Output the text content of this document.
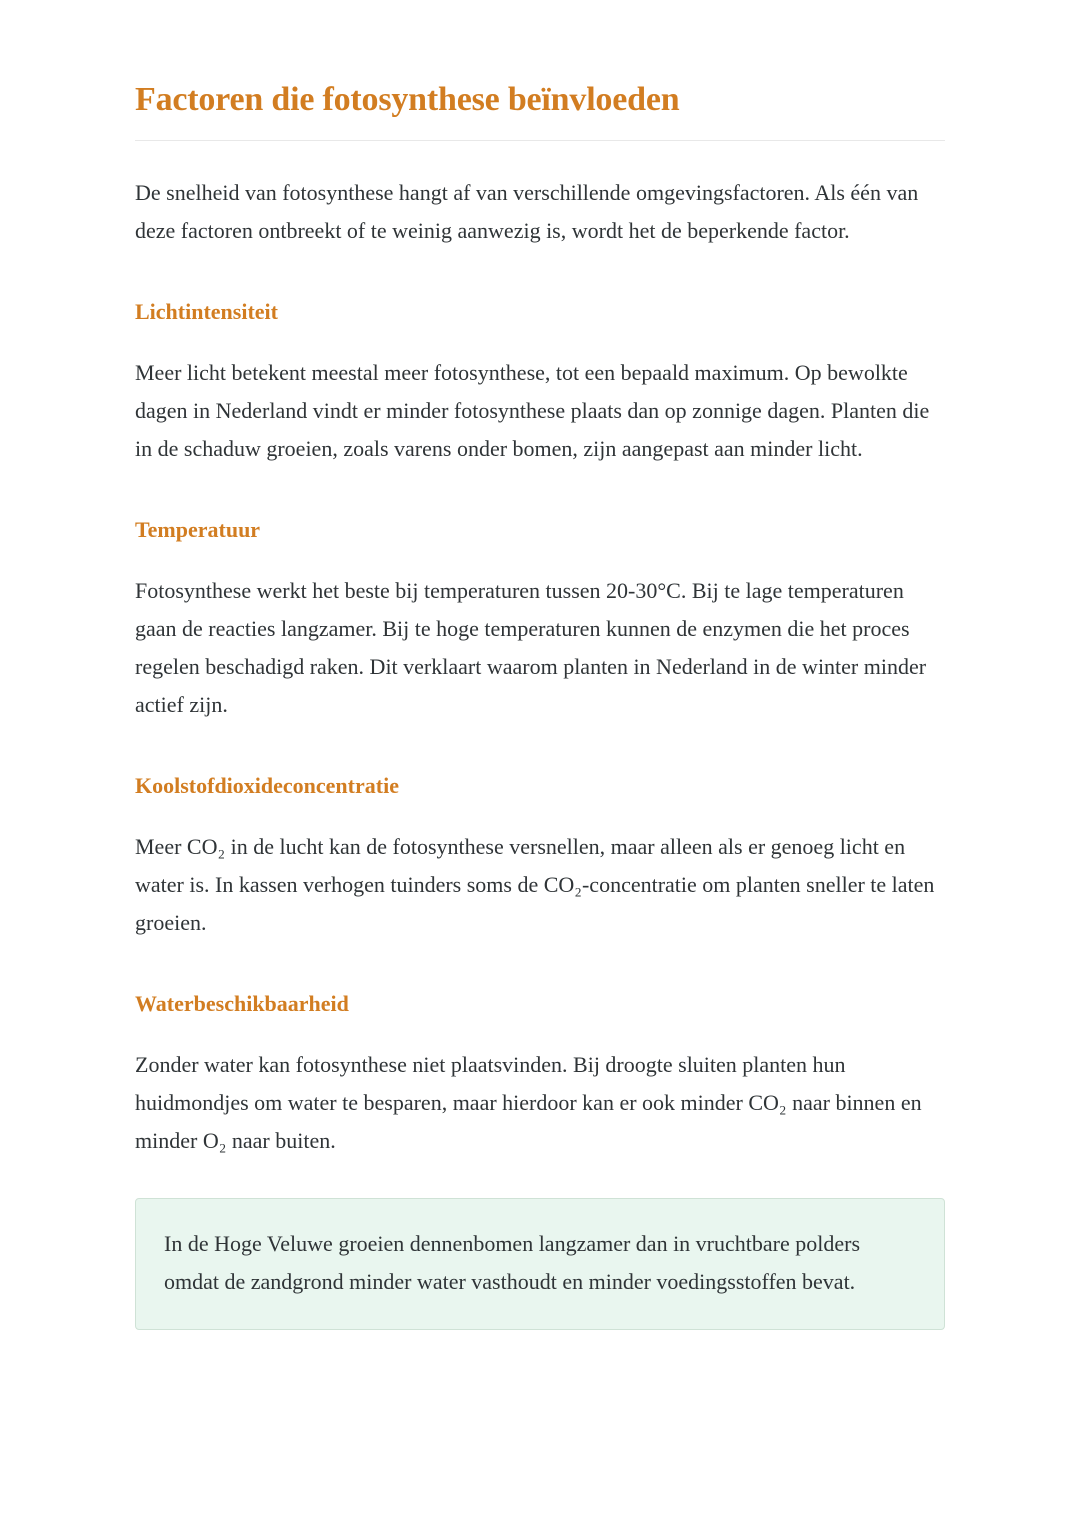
Factoren die fotosynthese beïnvloeden

De snelheid van fotosynthese hangt af van verschillende omgevingsfactoren. Als één van deze factoren ontbreekt of te weinig aanwezig is, wordt het de beperkende factor.

Lichtintensiteit

Meer licht betekent meestal meer fotosynthese, tot een bepaald maximum. Op bewolkte dagen in Nederland vindt er minder fotosynthese plaats dan op zonnige dagen. Planten die in de schaduw groeien, zoals varens onder bomen, zijn aangepast aan minder licht.

Temperatuur

Fotosynthese werkt het beste bij temperaturen tussen 20-30°C. Bij te lage temperaturen gaan de reacties langzamer. Bij te hoge temperaturen kunnen de enzymen die het proces regelen beschadigd raken. Dit verklaart waarom planten in Nederland in de winter minder actief zijn.

Koolstofdioxideconcentratie

Meer CO₂ in de lucht kan de fotosynthese versnellen, maar alleen als er genoeg licht en water is. In kassen verhogen tuinders soms de CO₂-concentratie om planten sneller te laten groeien.

Waterbeschikbaarheid

Zonder water kan fotosynthese niet plaatsvinden. Bij droogte sluiten planten hun huidmondjes om water te besparen, maar hierdoor kan er ook minder CO₂ naar binnen en minder O₂ naar buiten.

In de Hoge Veluwe groeien dennenbomen langzamer dan in vruchtbare polders omdat de zandgrond minder water vasthoudt en minder voedingsstoffen bevat.
